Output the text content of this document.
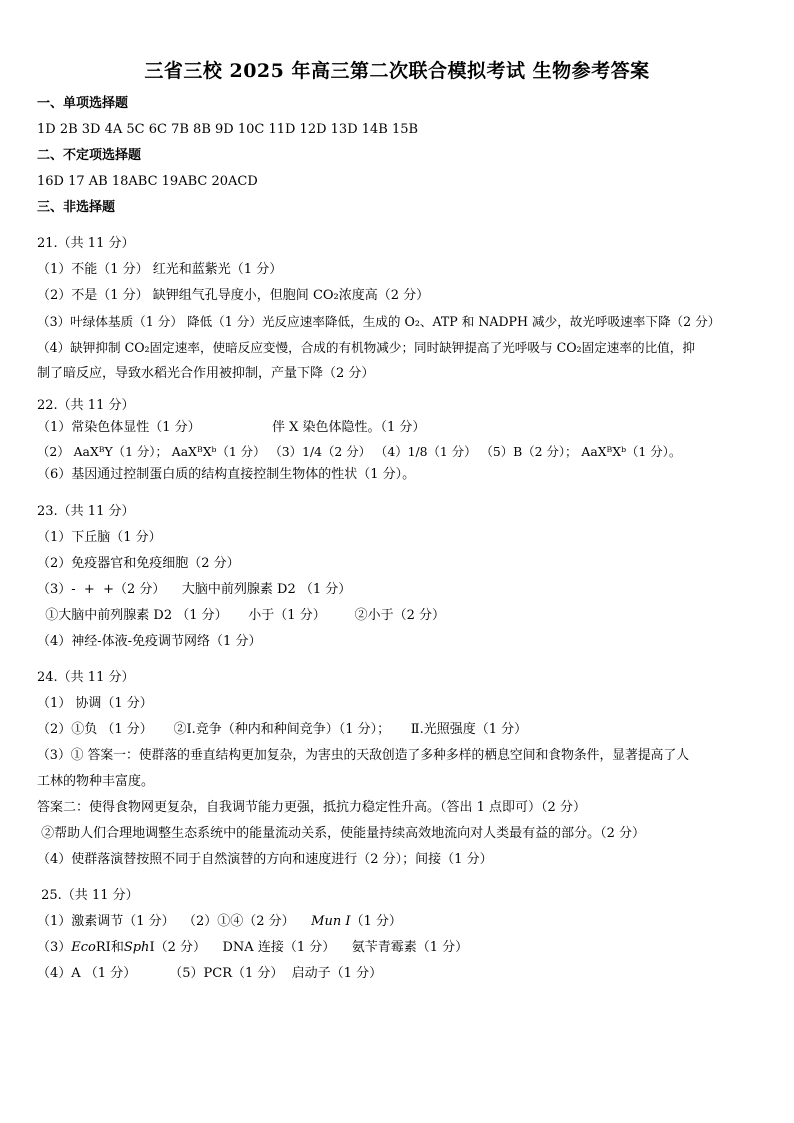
三省三校 2025 年高三第二次联合模拟考试 生物参考答案
一、单项选择题
1D 2B 3D 4A 5C 6C 7B 8B 9D 10C 11D 12D 13D 14B 15B
二、不定项选择题
16D 17 AB 18ABC 19ABC 20ACD
三、非选择题
21.（共 11 分）
（1）不能（1 分） 红光和蓝紫光（1 分）
（2）不是（1 分） 缺钾组气孔导度小，但胞间 CO₂浓度高（2 分）
（3）叶绿体基质（1 分） 降低（1 分）光反应速率降低，生成的 O₂、ATP 和 NADPH 减少，故光呼吸速率下降（2 分）
（4）缺钾抑制 CO₂固定速率，使暗反应变慢，合成的有机物减少；同时缺钾提高了光呼吸与 CO₂固定速率的比值，抑
制了暗反应，导致水稻光合作用被抑制，产量下降（2 分）
22.（共 11 分）
（1）常染色体显性（1 分）	伴 X 染色体隐性。（1 分）
（2） AaXᴮY（1 分）； AaXᴮXᵇ（1 分） （3）1/4（2 分） （4）1/8（1 分） （5）B（2 分）； AaXᴮXᵇ（1 分）。
（6）基因通过控制蛋白质的结构直接控制生物体的性状（1 分）。
23.（共 11 分）
（1）下丘脑（1 分）
（2）免疫器官和免疫细胞（2 分）
（3）-  +  +（2 分）    大脑中前列腺素 D2 （1 分）
①大脑中前列腺素 D2 （1 分）     小于（1 分）       ②小于（2 分）
（4）神经-体液-免疫调节网络（1 分）
24.（共 11 分）
（1） 协调（1 分）
（2）①负 （1 分）     ②Ⅰ.竞争（种内和种间竞争）（1 分）；     Ⅱ.光照强度（1 分）
（3）① 答案一：使群落的垂直结构更加复杂，为害虫的天敌创造了多种多样的栖息空间和食物条件，显著提高了人
工林的物种丰富度。
答案二：使得食物网更复杂，自我调节能力更强，抵抗力稳定性升高。（答出 1 点即可）（2 分）
②帮助人们合理地调整生态系统中的能量流动关系，使能量持续高效地流向对人类最有益的部分。（2 分）
（4）使群落演替按照不同于自然演替的方向和速度进行（2 分）；间接（1 分）
25.（共 11 分）
（1）激素调节（1 分）  （2）①④（2 分）    Mun Ⅰ（1 分）
（3）EcoRⅠ和SphⅠ（2 分）    DNA 连接（1 分）    氨苄青霉素（1 分）
（4）A （1 分）        （5）PCR（1 分）  启动子（1 分）
